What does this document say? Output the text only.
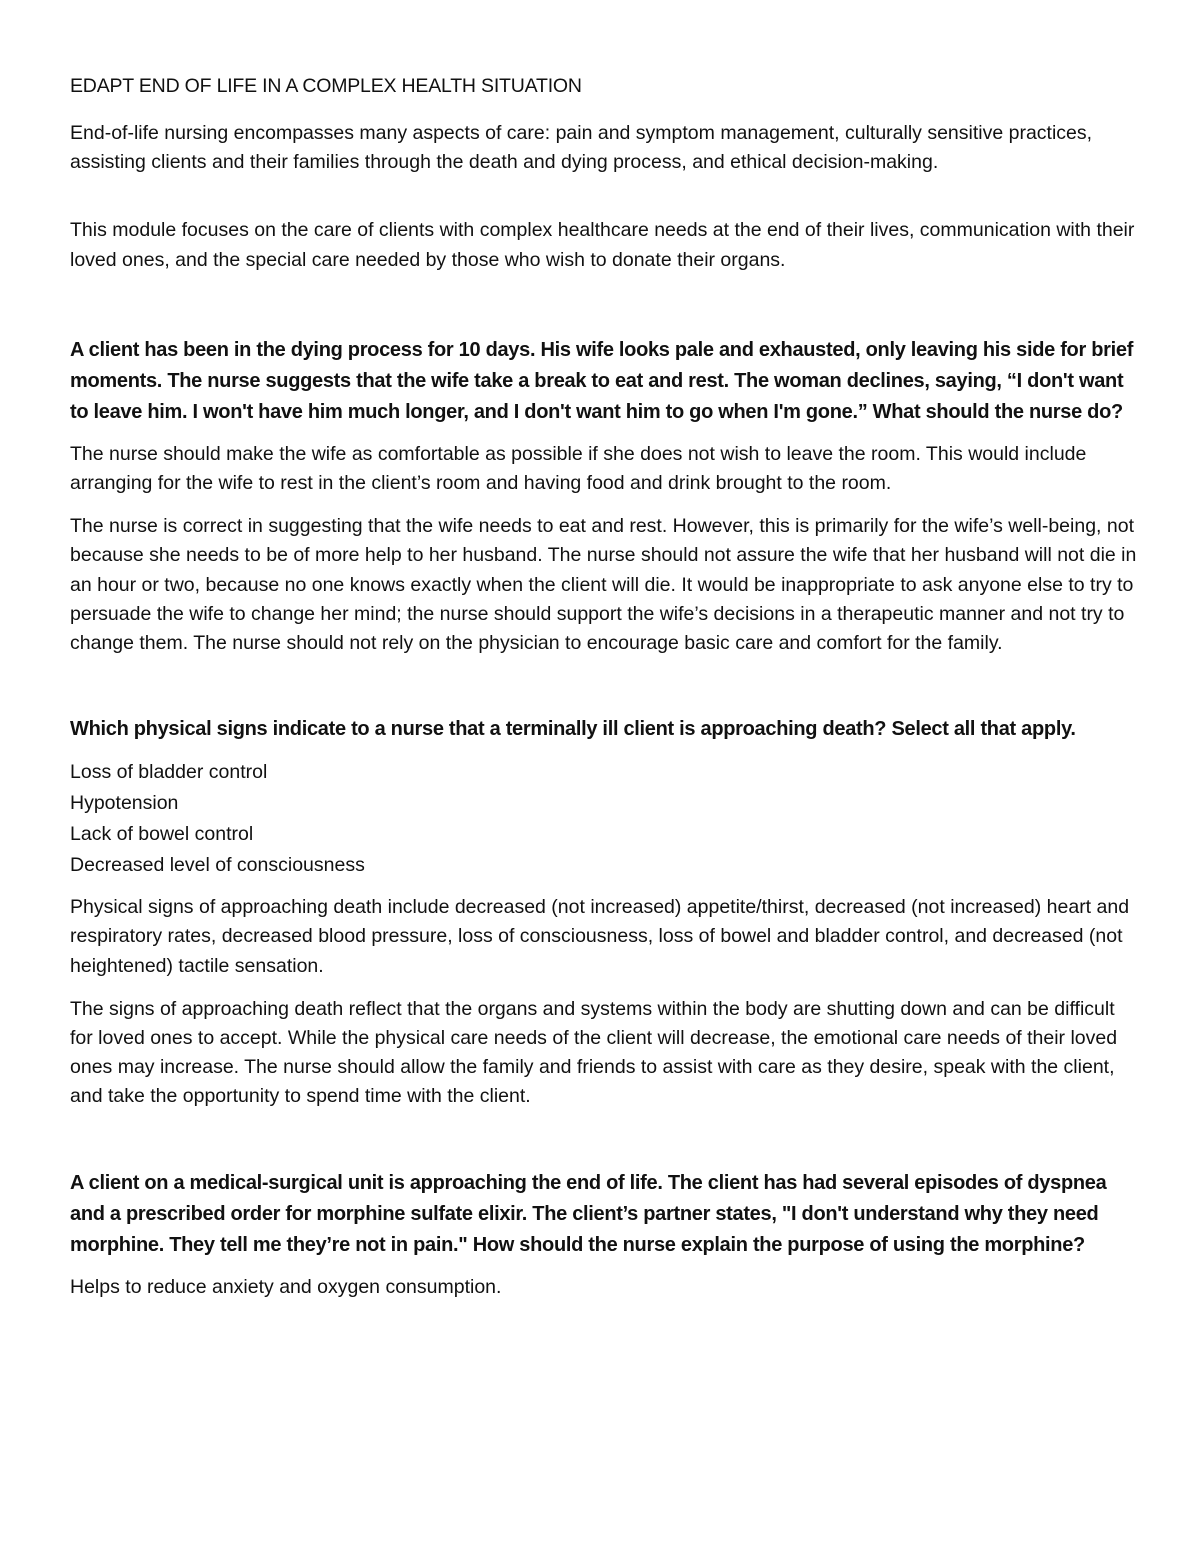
EDAPT END OF LIFE IN A COMPLEX HEALTH SITUATION

End-of-life nursing encompasses many aspects of care: pain and symptom management, culturally sensitive practices, assisting clients and their families through the death and dying process, and ethical decision-making.

This module focuses on the care of clients with complex healthcare needs at the end of their lives, communication with their loved ones, and the special care needed by those who wish to donate their organs.

A client has been in the dying process for 10 days. His wife looks pale and exhausted, only leaving his side for brief moments. The nurse suggests that the wife take a break to eat and rest. The woman declines, saying, “I don't want to leave him. I won't have him much longer, and I don't want him to go when I'm gone.” What should the nurse do?

The nurse should make the wife as comfortable as possible if she does not wish to leave the room. This would include arranging for the wife to rest in the client’s room and having food and drink brought to the room.

The nurse is correct in suggesting that the wife needs to eat and rest. However, this is primarily for the wife’s well-being, not because she needs to be of more help to her husband. The nurse should not assure the wife that her husband will not die in an hour or two, because no one knows exactly when the client will die. It would be inappropriate to ask anyone else to try to persuade the wife to change her mind; the nurse should support the wife’s decisions in a therapeutic manner and not try to change them. The nurse should not rely on the physician to encourage basic care and comfort for the family.

Which physical signs indicate to a nurse that a terminally ill client is approaching death? Select all that apply.

Loss of bladder control
Hypotension
Lack of bowel control
Decreased level of consciousness

Physical signs of approaching death include decreased (not increased) appetite/thirst, decreased (not increased) heart and respiratory rates, decreased blood pressure, loss of consciousness, loss of bowel and bladder control, and decreased (not heightened) tactile sensation.

The signs of approaching death reflect that the organs and systems within the body are shutting down and can be difficult for loved ones to accept. While the physical care needs of the client will decrease, the emotional care needs of their loved ones may increase. The nurse should allow the family and friends to assist with care as they desire, speak with the client, and take the opportunity to spend time with the client.

A client on a medical-surgical unit is approaching the end of life. The client has had several episodes of dyspnea and a prescribed order for morphine sulfate elixir. The client’s partner states, "I don't understand why they need morphine. They tell me they’re not in pain." How should the nurse explain the purpose of using the morphine?

Helps to reduce anxiety and oxygen consumption.
